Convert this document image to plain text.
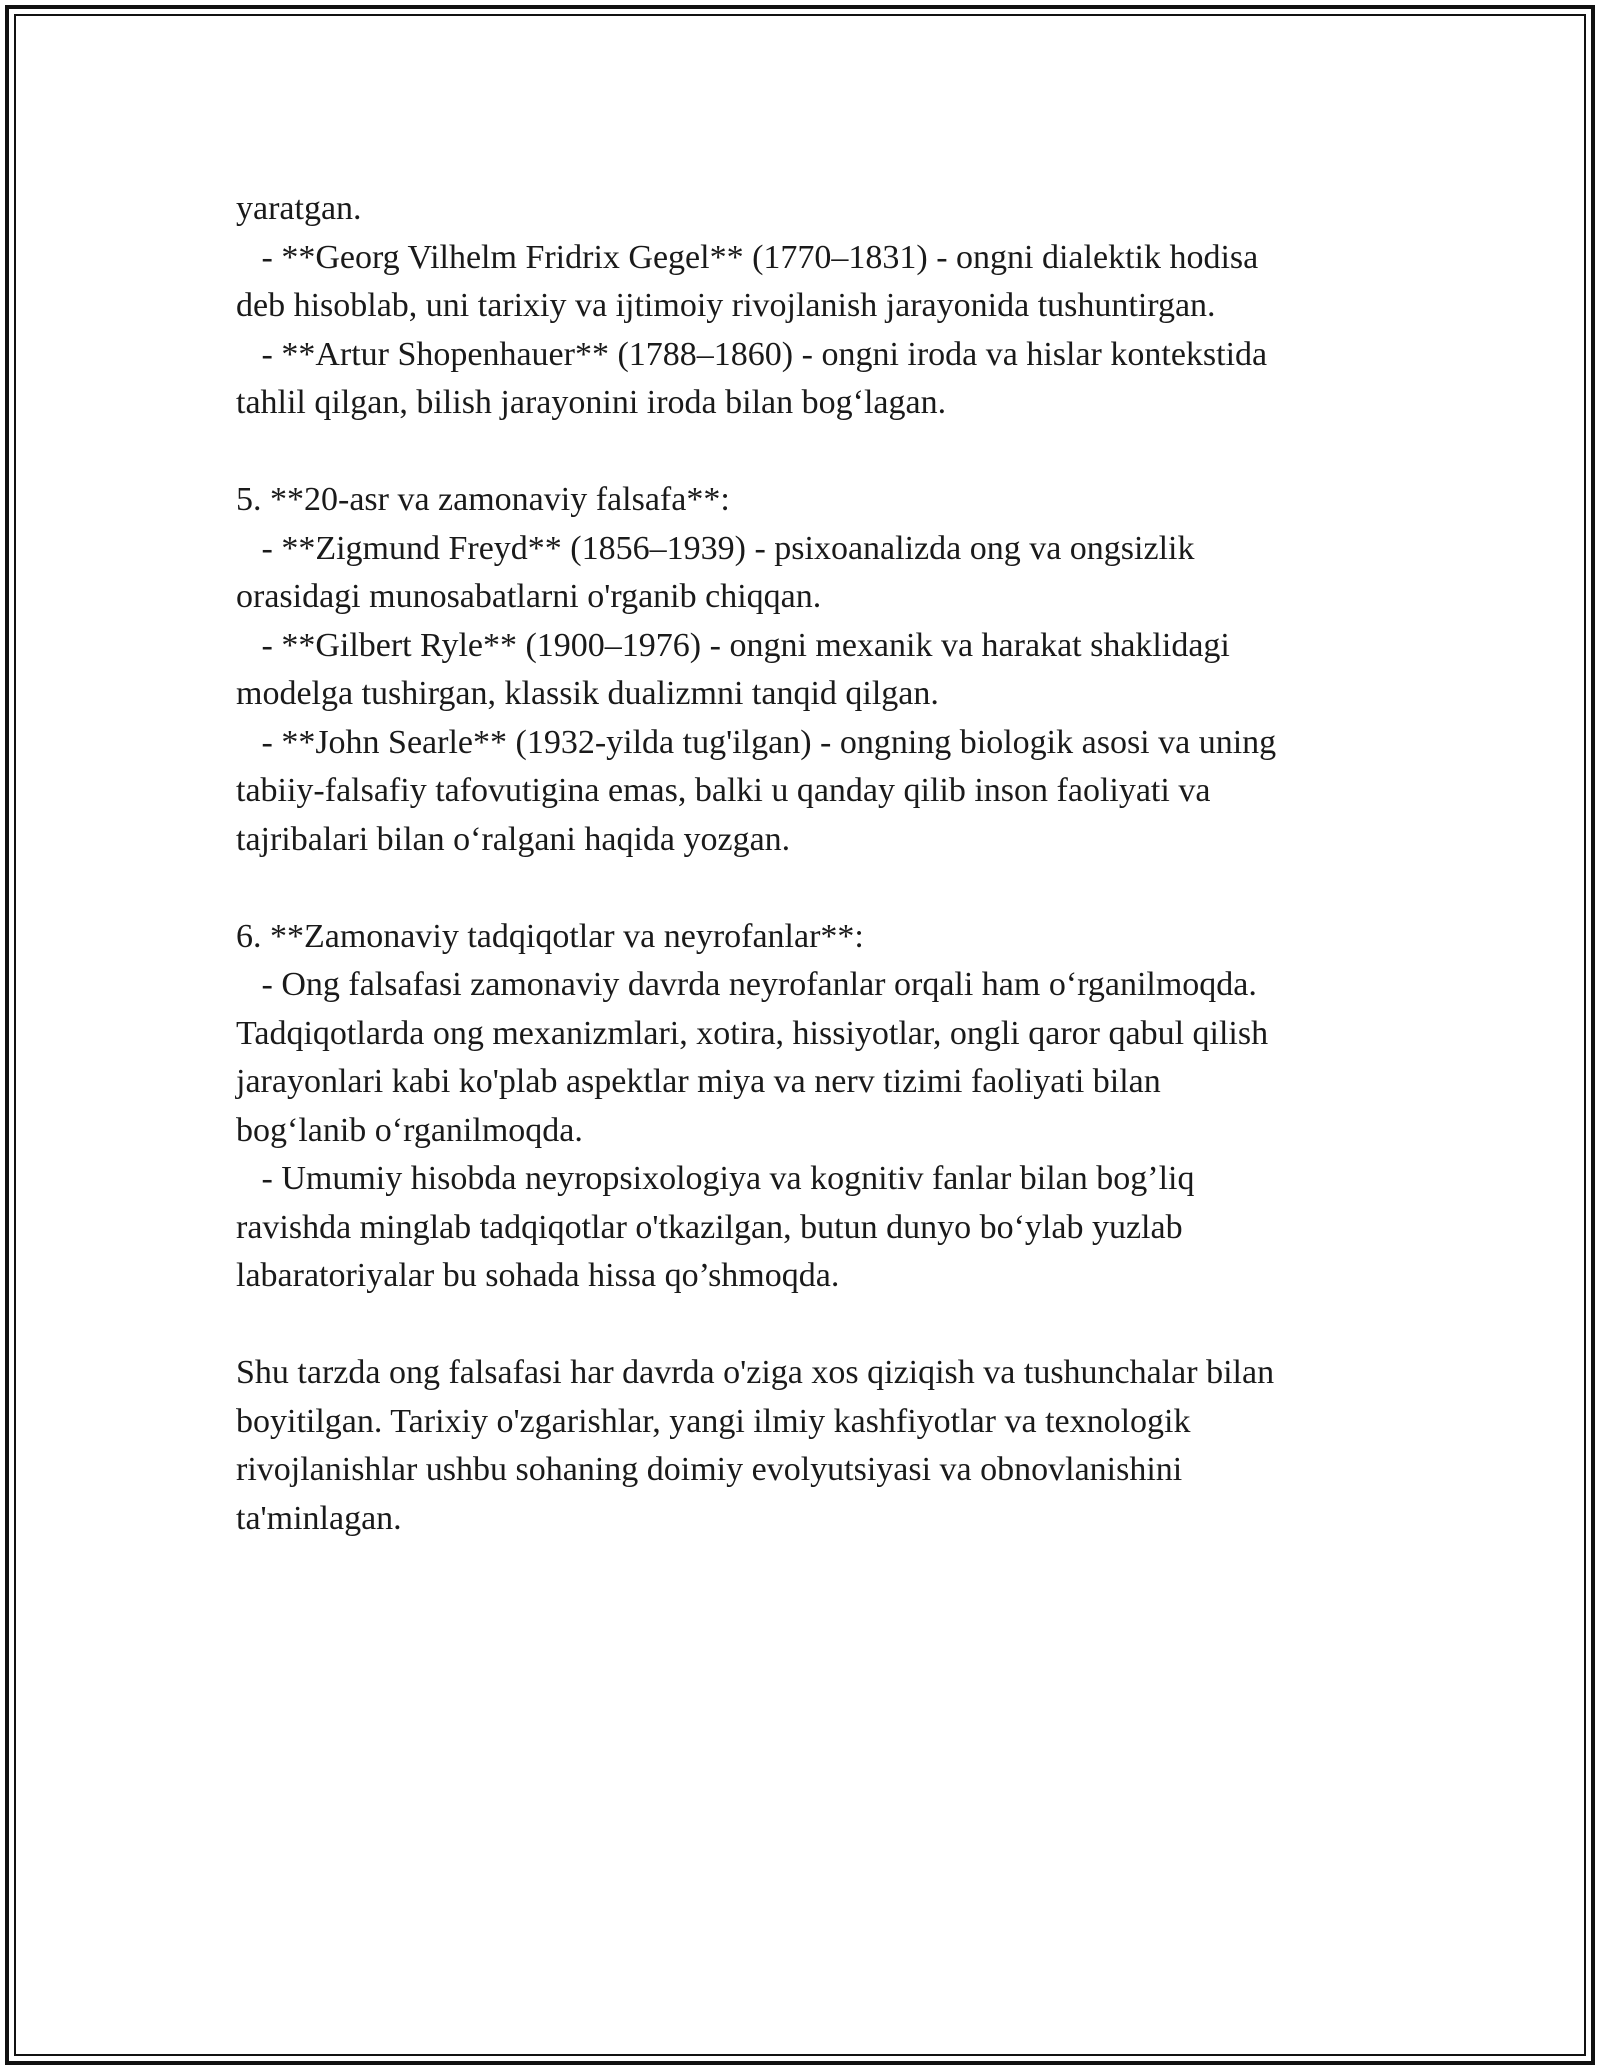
yaratgan.
- **Georg Vilhelm Fridrix Gegel** (1770–1831) - ongni dialektik hodisa
deb hisoblab, uni tarixiy va ijtimoiy rivojlanish jarayonida tushuntirgan.
- **Artur Shopenhauer** (1788–1860) - ongni iroda va hislar kontekstida
tahlil qilgan, bilish jarayonini iroda bilan bog‘lagan.
5. **20-asr va zamonaviy falsafa**:
- **Zigmund Freyd** (1856–1939) - psixoanalizda ong va ongsizlik
orasidagi munosabatlarni o'rganib chiqqan.
- **Gilbert Ryle** (1900–1976) - ongni mexanik va harakat shaklidagi
modelga tushirgan, klassik dualizmni tanqid qilgan.
- **John Searle** (1932-yilda tug'ilgan) - ongning biologik asosi va uning
tabiiy-falsafiy tafovutigina emas, balki u qanday qilib inson faoliyati va
tajribalari bilan o‘ralgani haqida yozgan.
6. **Zamonaviy tadqiqotlar va neyrofanlar**:
- Ong falsafasi zamonaviy davrda neyrofanlar orqali ham o‘rganilmoqda.
Tadqiqotlarda ong mexanizmlari, xotira, hissiyotlar, ongli qaror qabul qilish
jarayonlari kabi ko'plab aspektlar miya va nerv tizimi faoliyati bilan
bog‘lanib o‘rganilmoqda.
- Umumiy hisobda neyropsixologiya va kognitiv fanlar bilan bog’liq
ravishda minglab tadqiqotlar o'tkazilgan, butun dunyo bo‘ylab yuzlab
labaratoriyalar bu sohada hissa qo’shmoqda.
Shu tarzda ong falsafasi har davrda o'ziga xos qiziqish va tushunchalar bilan
boyitilgan. Tarixiy o'zgarishlar, yangi ilmiy kashfiyotlar va texnologik
rivojlanishlar ushbu sohaning doimiy evolyutsiyasi va obnovlanishini
ta'minlagan.
